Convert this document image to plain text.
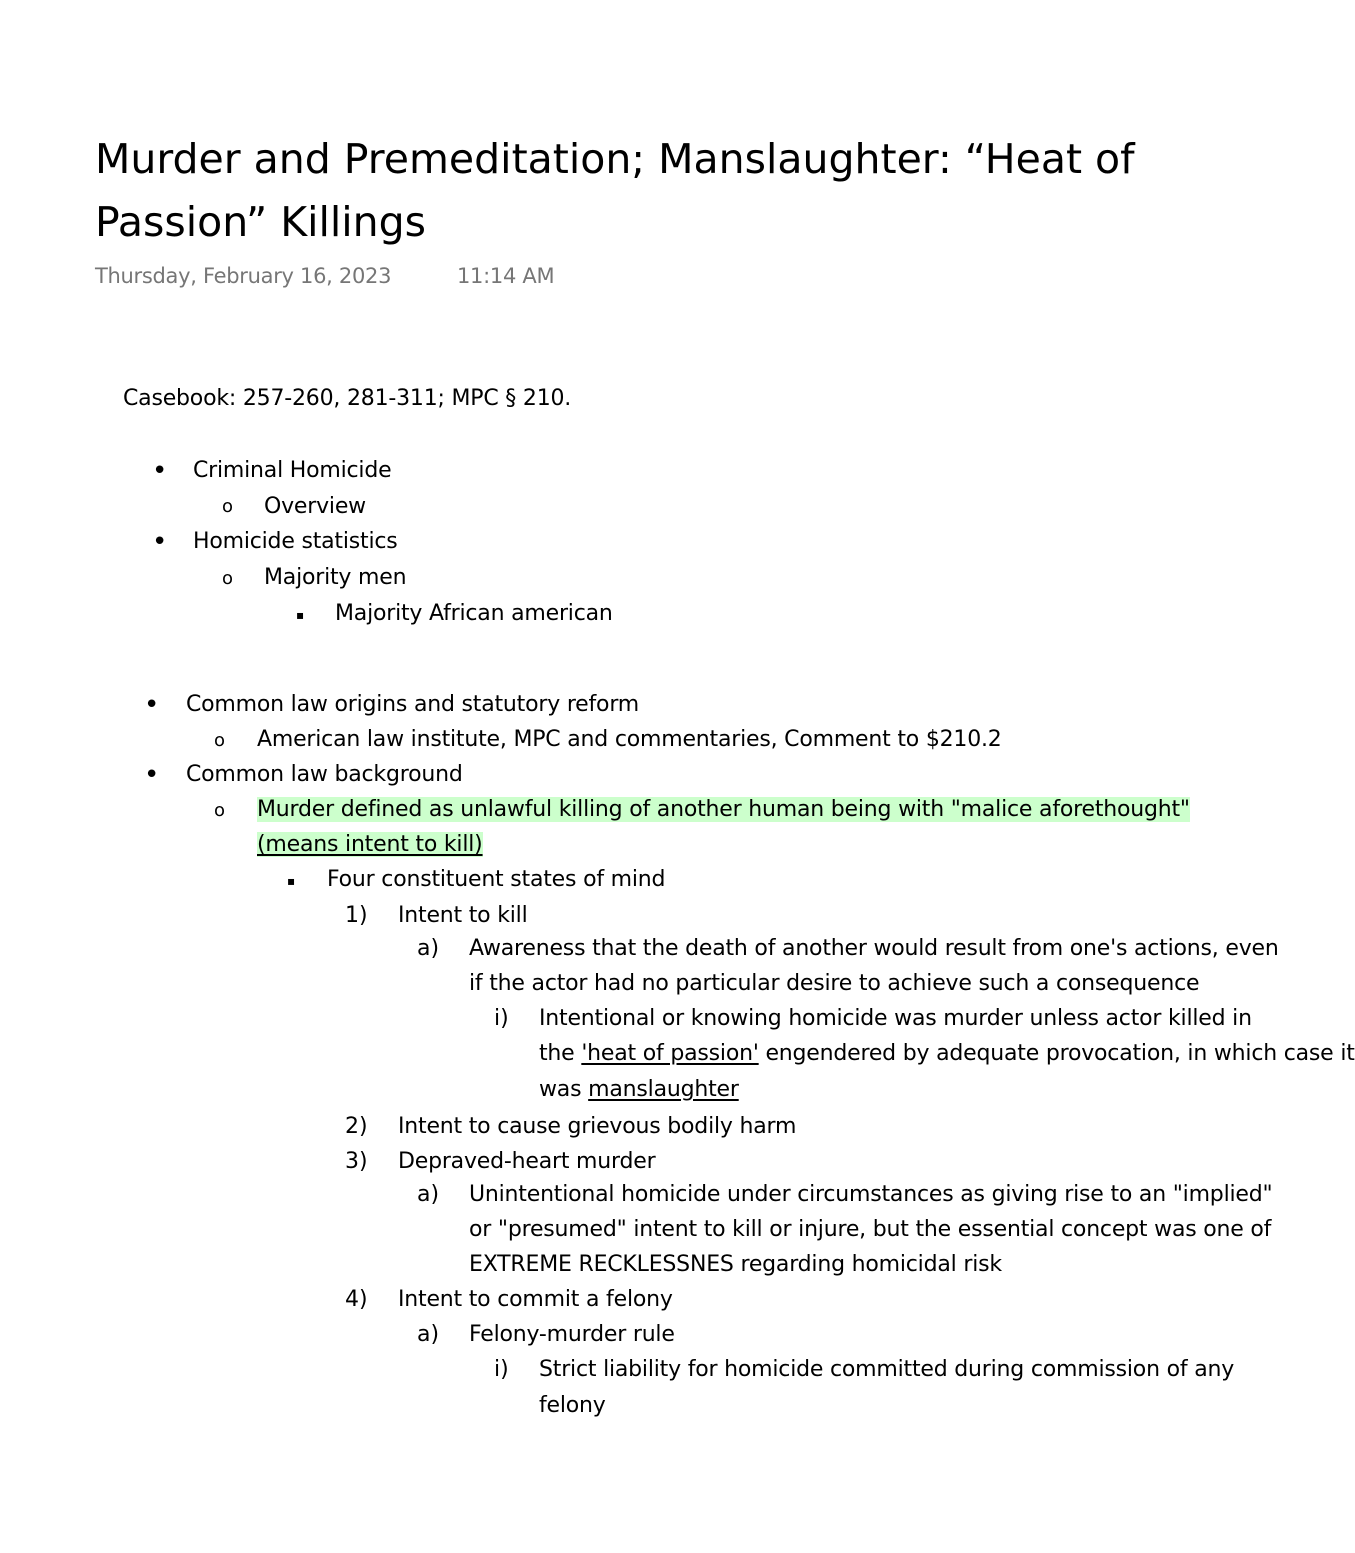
Murder and Premeditation; Manslaughter: “Heat of
Passion” Killings
Thursday, February 16, 2023	11:14 AM
Casebook: 257-260, 281-311; MPC § 210.
• Criminal Homicide
o Overview
• Homicide statistics
o Majority men
▪ Majority African american
• Common law origins and statutory reform
o American law institute, MPC and commentaries, Comment to $210.2
• Common law background
o Murder defined as unlawful killing of another human being with "malice aforethought"
(means intent to kill)
▪ Four constituent states of mind
1) Intent to kill
a) Awareness that the death of another would result from one's actions, even
if the actor had no particular desire to achieve such a consequence
i) Intentional or knowing homicide was murder unless actor killed in
the 'heat of passion' engendered by adequate provocation, in which case it
was manslaughter
2) Intent to cause grievous bodily harm
3) Depraved-heart murder
a) Unintentional homicide under circumstances as giving rise to an "implied"
or "presumed" intent to kill or injure, but the essential concept was one of
EXTREME RECKLESSNES regarding homicidal risk
4) Intent to commit a felony
a) Felony-murder rule
i) Strict liability for homicide committed during commission of any
felony
